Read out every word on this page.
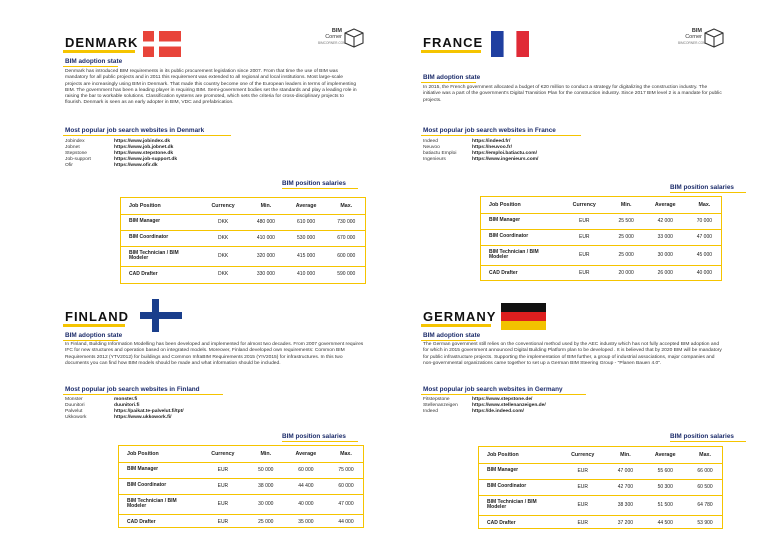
DENMARK
BIM
Corner
BIMCORNER.COM
BIM adoption state
Denmark has introduced BIM requirements in its public procurement legislation since 2007. From that time the use of BIM was mandatory for all public projects and in 2011 this requirement was extended to all regional and local institutions. Most large-scale projects are increasingly using BIM in Denmark. That made this country become one of the European leaders in terms of implementing BIM. The government has been a leading player in requiring BIM. Semi-government bodies set the standards and play a leading role in raising the bar to workable solutions. Classification systems are promoted, which sets the criteria for cross-disciplinary projects to flourish. Denmark is seen as an early adopter in BIM, VDC and prefabrication.
Most popular job search websites in Denmark
Jobindex	https://www.jobindex.dk
Jobnet	https://www.job.jobnet.dk
Stepstone	https://www.stepstone.dk
Job-support	https://www.job-support.dk
Ofir	https://www.ofir.dk
BIM position salaries
Job Position	Currency	Min.	Average	Max.
BIM Manager	DKK	480 000	610 000	730 000
BIM Coordinator	DKK	410 000	530 000	670 000
BIM Technician / BIM Modeler	DKK	320 000	415 000	600 000
CAD Drafter	DKK	330 000	410 000	590 000
FRANCE
BIM
Corner
BIMCORNER.COM
BIM adoption state
In 2015, the French government allocated a budget of €20 million to conduct a strategy for digitalizing the construction industry. The initiative was a part of the government's Digital Transition Plan for the construction industry. Since 2017 BIM level 2 is a mandate for public projects.
Most popular job search websites in France
Indeed	https://indeed.fr/
Neuvoo	https://neuvoo.fr/
batiactu Emploi	https://emploi.batiactu.com/
Ingenieurs	https://www.ingenieurs.com/
BIM position salaries
Job Position	Currency	Min.	Average	Max.
BIM Manager	EUR	25 500	42 000	70 000
BIM Coordinator	EUR	25 000	33 000	47 000
BIM Technician / BIM Modeler	EUR	25 000	30 000	45 000
CAD Drafter	EUR	20 000	26 000	40 000
FINLAND
BIM adoption state
In Finland, Building Information Modelling has been developed and implemented for almost two decades. From 2007 government requires IFC for new structures and operation based on integrated models. Moreover, Finland developed own requirements: Common BIM Requirements 2012 (YTV2012) for buildings and Common InfraBIM Requirements 2015 (YIV2015) for infrastructures. In this two documents you can find how BIM models should be made and what information should be included.
Most popular job search websites in Finland
Monster	monster.fi
Duunitori	duunitori.fi
Palvelut	https://paikat.te-palvelut.fi/tpt/
Ukkowork	https://www.ukkowork.fi/
BIM position salaries
Job Position	Currency	Min.	Average	Max.
BIM Manager	EUR	50 000	60 000	75 000
BIM Coordinator	EUR	38 000	44 400	60 000
BIM Technician / BIM Modeler	EUR	30 000	40 000	47 000
CAD Drafter	EUR	25 000	35 000	44 000
GERMANY
BIM adoption state
The German government still relies on the conventional method used by the AEC industry which has not fully accepted BIM adoption and for which in 2015 government announced Digital Building Platform plan to be developed . It is believed that by 2020 BIM will be mandatory for public infrastructure projects. Supporting the implementation of BIM further, a group of industrial associations, major companies and non-governmental organizations came together to set up a German BIM Steering Group - "Planen Bauen 4.0".
Most popular job search websites in Germany
Fitstepstone	https://www.stepstone.de/
Stellenanzeigen	https://www.stellenanzeigen.de/
Indeed	https://de.indeed.com/
BIM position salaries
Job Position	Currency	Min.	Average	Max.
BIM Manager	EUR	47 000	55 600	66 000
BIM Coordinator	EUR	42 700	50 300	60 500
BIM Technician / BIM Modeler	EUR	38 300	51 500	64 780
CAD Drafter	EUR	37 200	44 500	53 900
